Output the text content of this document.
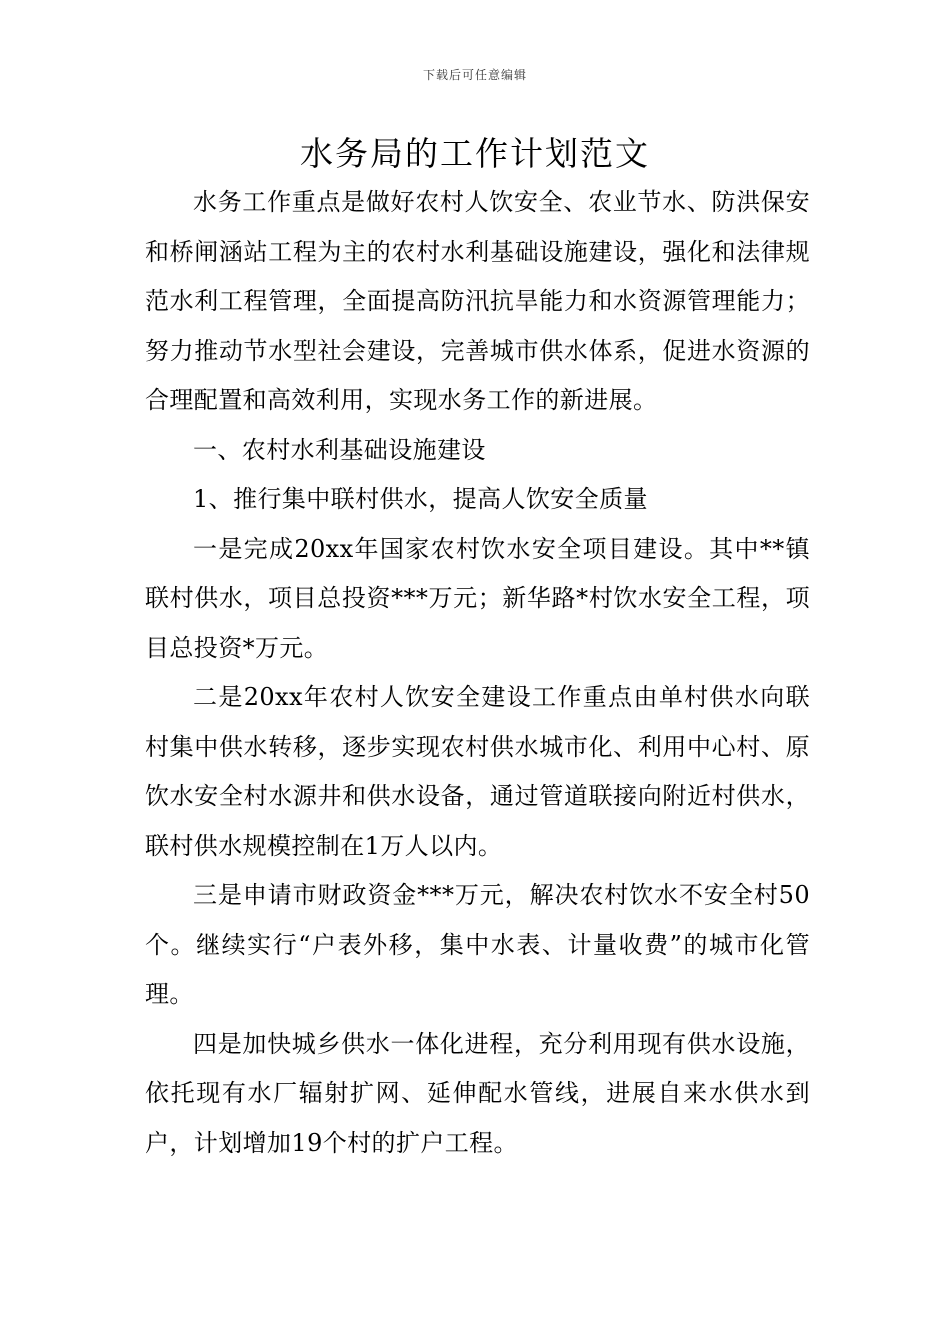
下载后可任意编辑
水务局的工作计划范文

水务工作重点是做好农村人饮安全、农业节水、防洪保安和桥闸涵站工程为主的农村水利基础设施建设，强化和法律规范水利工程管理，全面提高防汛抗旱能力和水资源管理能力；努力推动节水型社会建设，完善城市供水体系，促进水资源的合理配置和高效利用，实现水务工作的新进展。

一、农村水利基础设施建设

1、推行集中联村供水，提高人饮安全质量

一是完成20xx年国家农村饮水安全项目建设。其中**镇联村供水，项目总投资***万元；新华路*村饮水安全工程，项目总投资*万元。

二是20xx年农村人饮安全建设工作重点由单村供水向联村集中供水转移，逐步实现农村供水城市化、利用中心村、原饮水安全村水源井和供水设备，通过管道联接向附近村供水，联村供水规模控制在1万人以内。

三是申请市财政资金***万元，解决农村饮水不安全村50个。继续实行“户表外移，集中水表、计量收费”的城市化管理。

四是加快城乡供水一体化进程，充分利用现有供水设施，依托现有水厂辐射扩网、延伸配水管线，进展自来水供水到户，计划增加19个村的扩户工程。
